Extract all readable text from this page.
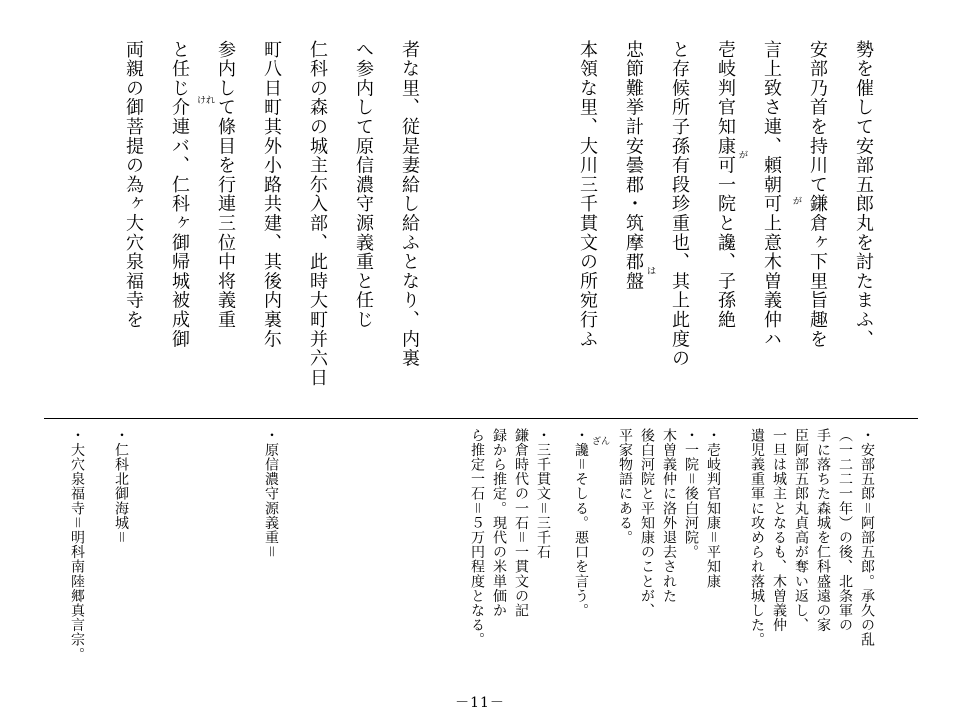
勢を催して安部五郎丸を討たまふ、
安部乃首を持川て鎌倉ヶ下里旨趣を
言上致さ連、頼朝可上意木曽義仲ハ
壱岐判官知康可一院と讒、子孫絶
と存候所子孫有段珍重也、其上此度の
忠節難挙計安曇郡・筑摩郡盤
本領な里、大川三千貫文の所宛行ふ
者な里、従是妻給し給ふとなり、内裏
へ参内して原信濃守源義重と任じ
仁科の森の城主尓入部、此時大町并六日
町八日町其外小路共建、其後内裏尓
参内して條目を行連三位中将義重
と任じ介連バ、仁科ヶ御帰城被成御
両親の御菩提の為ヶ大穴泉福寺を	が
が
は
けれ
・安部五郎＝阿部五郎。承久の乱
（一二二一年）の後、北条軍の
手に落ちた森城を仁科盛遠の家
臣阿部五郎丸貞高が奪い返し、
一旦は城主となるも、木曽義仲
遺児義重軍に攻められ落城した。
・壱岐判官知康＝平知康
・一院＝後白河院。
木曽義仲に洛外退去された
後白河院と平知康のことが、
平家物語にある。
・讒＝そしる。悪口を言う。
・三千貫文＝三千石
鎌倉時代の一石＝一貫文の記
録から推定。現代の米単価か
ら推定一石＝５万円程度となる。
・原信濃守源義重＝
・仁科北御海城＝
・大穴泉福寺＝明科南陸郷真言宗。	ざん
－11－
